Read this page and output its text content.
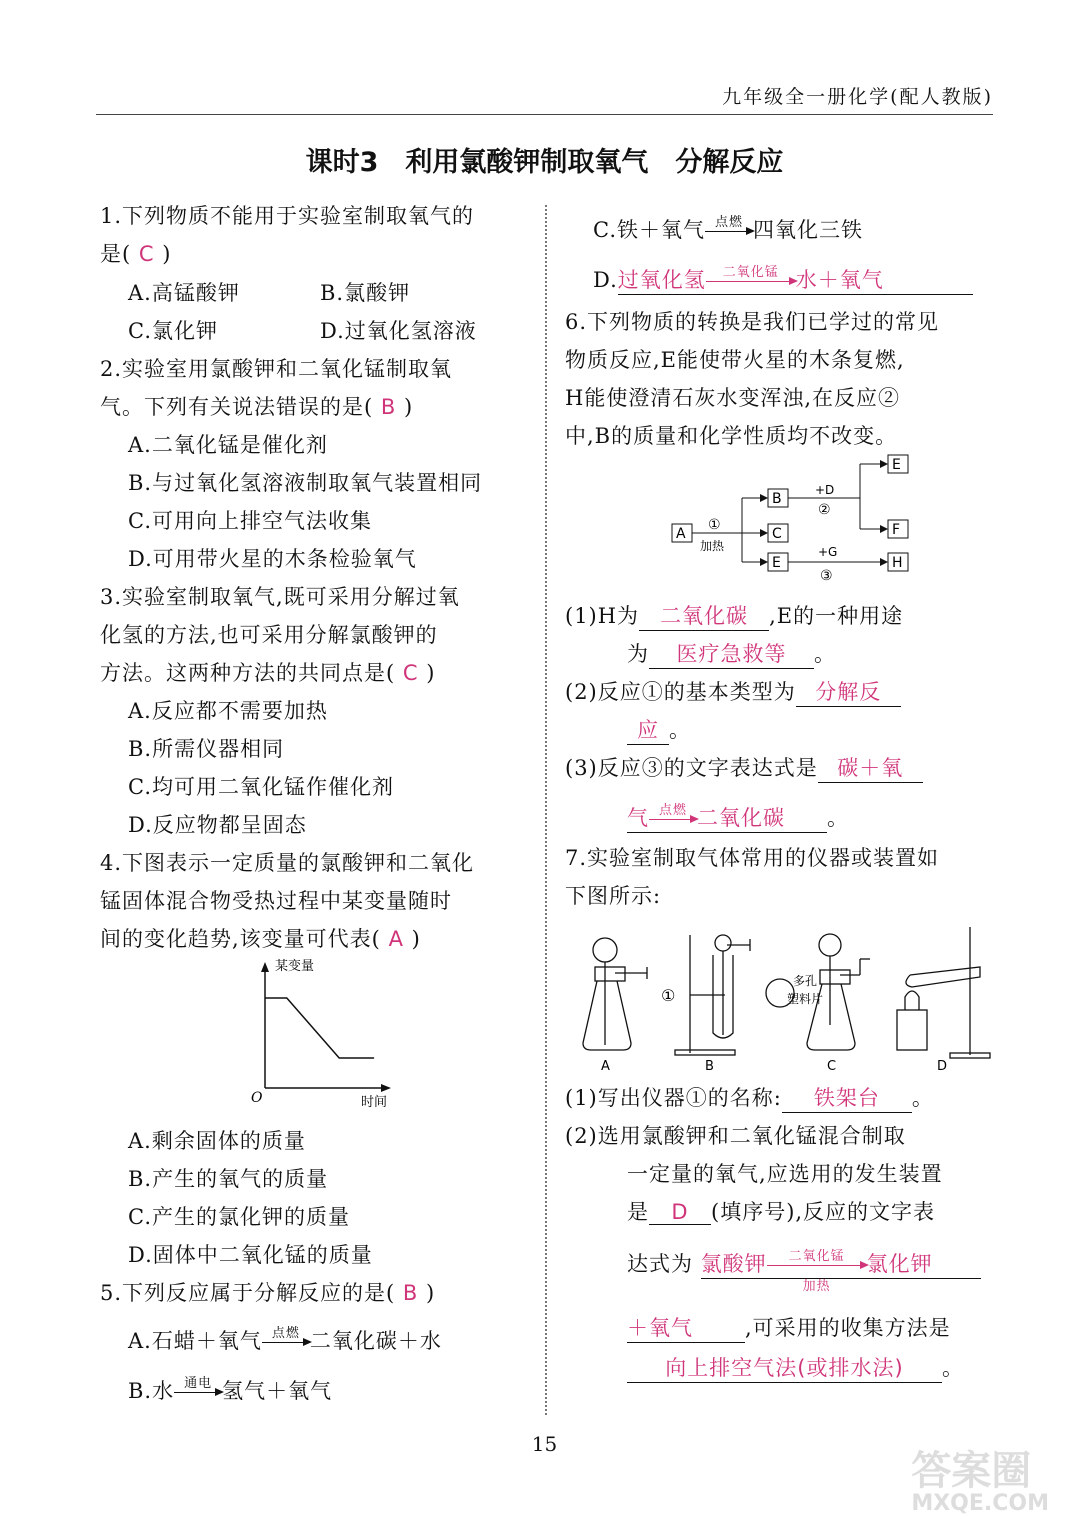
九年级全一册化学(配人教版)
课时3　利用氯酸钾制取氧气　分解反应
1.下列物质不能用于实验室制取氧气的
是( C )
A.高锰酸钾	B.氯酸钾
C.氯化钾	D.过氧化氢溶液
2.实验室用氯酸钾和二氧化锰制取氧
气。下列有关说法错误的是( B )
A.二氧化锰是催化剂
B.与过氧化氢溶液制取氧气装置相同
C.可用向上排空气法收集
D.可用带火星的木条检验氧气
3.实验室制取氧气,既可采用分解过氧
化氢的方法,也可采用分解氯酸钾的
方法。这两种方法的共同点是( C )
A.反应都不需要加热
B.所需仪器相同
C.均可用二氧化锰作催化剂
D.反应物都呈固态
4.下图表示一定质量的氯酸钾和二氧化
锰固体混合物受热过程中某变量随时
间的变化趋势,该变量可代表( A )
某变量
时间
O
A.剩余固体的质量
B.产生的氧气的质量
C.产生的氯化钾的质量
D.固体中二氧化锰的质量
5.下列反应属于分解反应的是( B )
A.石蜡＋氧气 点燃 二氧化碳＋水
B.水 通电 氢气＋氧气
C.铁＋氧气 点燃 四氧化三铁
D.过氧化氢	二氧化锰 水＋氧气
6.下列物质的转换是我们已学过的常见
物质反应,E能使带火星的木条复燃,
H能使澄清石灰水变浑浊,在反应②
中,B的质量和化学性质均不改变。
A
①
加热
B
C
E
+D
②
E
F
+G
③
H
(1)H为 二氧化碳 ,E的一种用途
为 医疗急救等 。
(2)反应①的基本类型为 分解反
应 。
(3)反应③的文字表达式是 碳＋氧
气 点燃 二氧化碳 。
7.实验室制取气体常用的仪器或装置如
下图所示:
A
①
多孔
塑料片
B	C	D
(1)写出仪器①的名称: 铁架台 。
(2)选用氯酸钾和二氧化锰混合制取
一定量的氧气,应选用的发生装置
是 D (填序号),反应的文字表
达式为 氯酸钾	二氧化锰
加热
氯化钾
＋氧气 ,可采用的收集方法是
向上排空气法(或排水法) 。
15
答案圈
MXQE.COM
